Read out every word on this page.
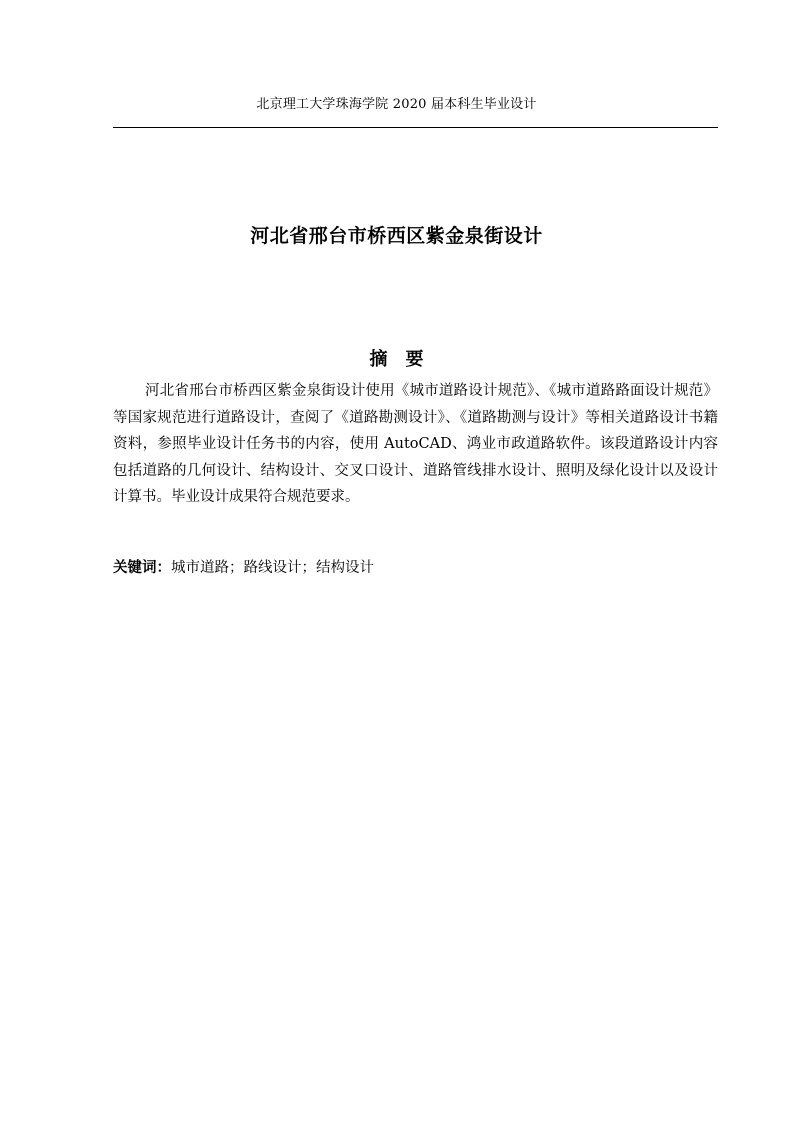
北京理工大学珠海学院 2020 届本科生毕业设计
河北省邢台市桥西区紫金泉街设计
摘要

河北省邢台市桥西区紫金泉街设计使用《城市道路设计规范》、《城市道路路面设计规范》等国家规范进行道路设计，查阅了《道路勘测设计》、《道路勘测与设计》等相关道路设计书籍资料，参照毕业设计任务书的内容，使用 AutoCAD、鸿业市政道路软件。该段道路设计内容包括道路的几何设计、结构设计、交叉口设计、道路管线排水设计、照明及绿化设计以及设计计算书。毕业设计成果符合规范要求。

关键词：城市道路；路线设计；结构设计
